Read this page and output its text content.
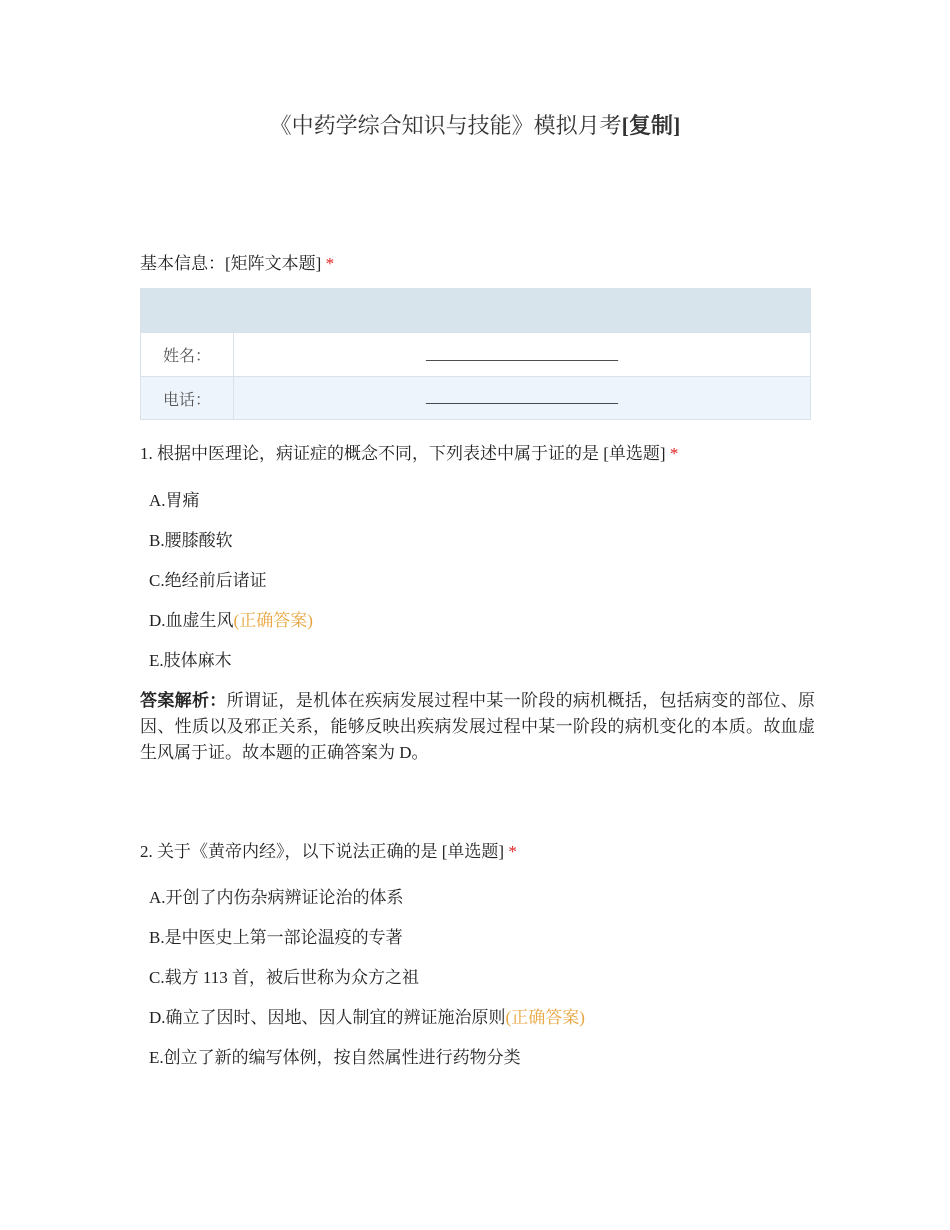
《中药学综合知识与技能》模拟月考[复制]
基本信息：[矩阵文本题] *

姓名：	________________________
电话：	________________________
1. 根据中医理论，病证症的概念不同，下列表述中属于证的是 [单选题] *
A.胃痛
B.腰膝酸软
C.绝经前后诸证
D.血虚生风(正确答案)
E.肢体麻木
答案解析：所谓证，是机体在疾病发展过程中某一阶段的病机概括，包括病变的部位、原因、性质以及邪正关系，能够反映出疾病发展过程中某一阶段的病机变化的本质。故血虚生风属于证。故本题的正确答案为 D。
2. 关于《黄帝内经》，以下说法正确的是 [单选题] *
A.开创了内伤杂病辨证论治的体系
B.是中医史上第一部论温疫的专著
C.载方 113 首，被后世称为众方之祖
D.确立了因时、因地、因人制宜的辨证施治原则(正确答案)
E.创立了新的编写体例，按自然属性进行药物分类
